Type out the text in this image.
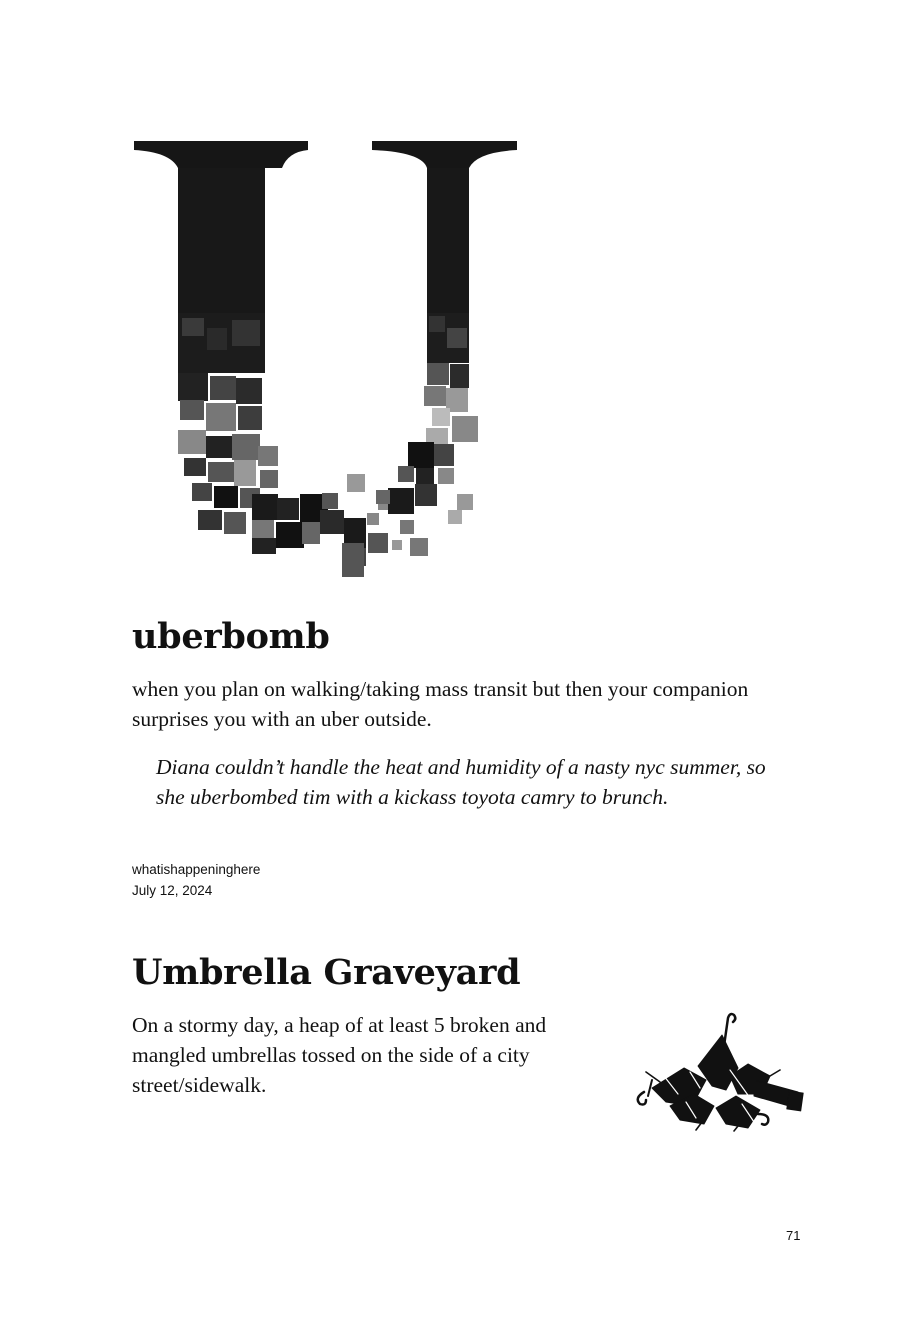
uberbomb

when you plan on walking/taking mass transit but then your companion surprises you with an uber outside.

Diana couldn’t handle the heat and humidity of a nasty nyc summer, so she uberbombed tim with a kickass toyota camry to brunch.

whatishappeninghere

July 12, 2024

Umbrella Graveyard

On a stormy day, a heap of at least 5 broken and mangled umbrellas tossed on the side of a city street/sidewalk.

71
